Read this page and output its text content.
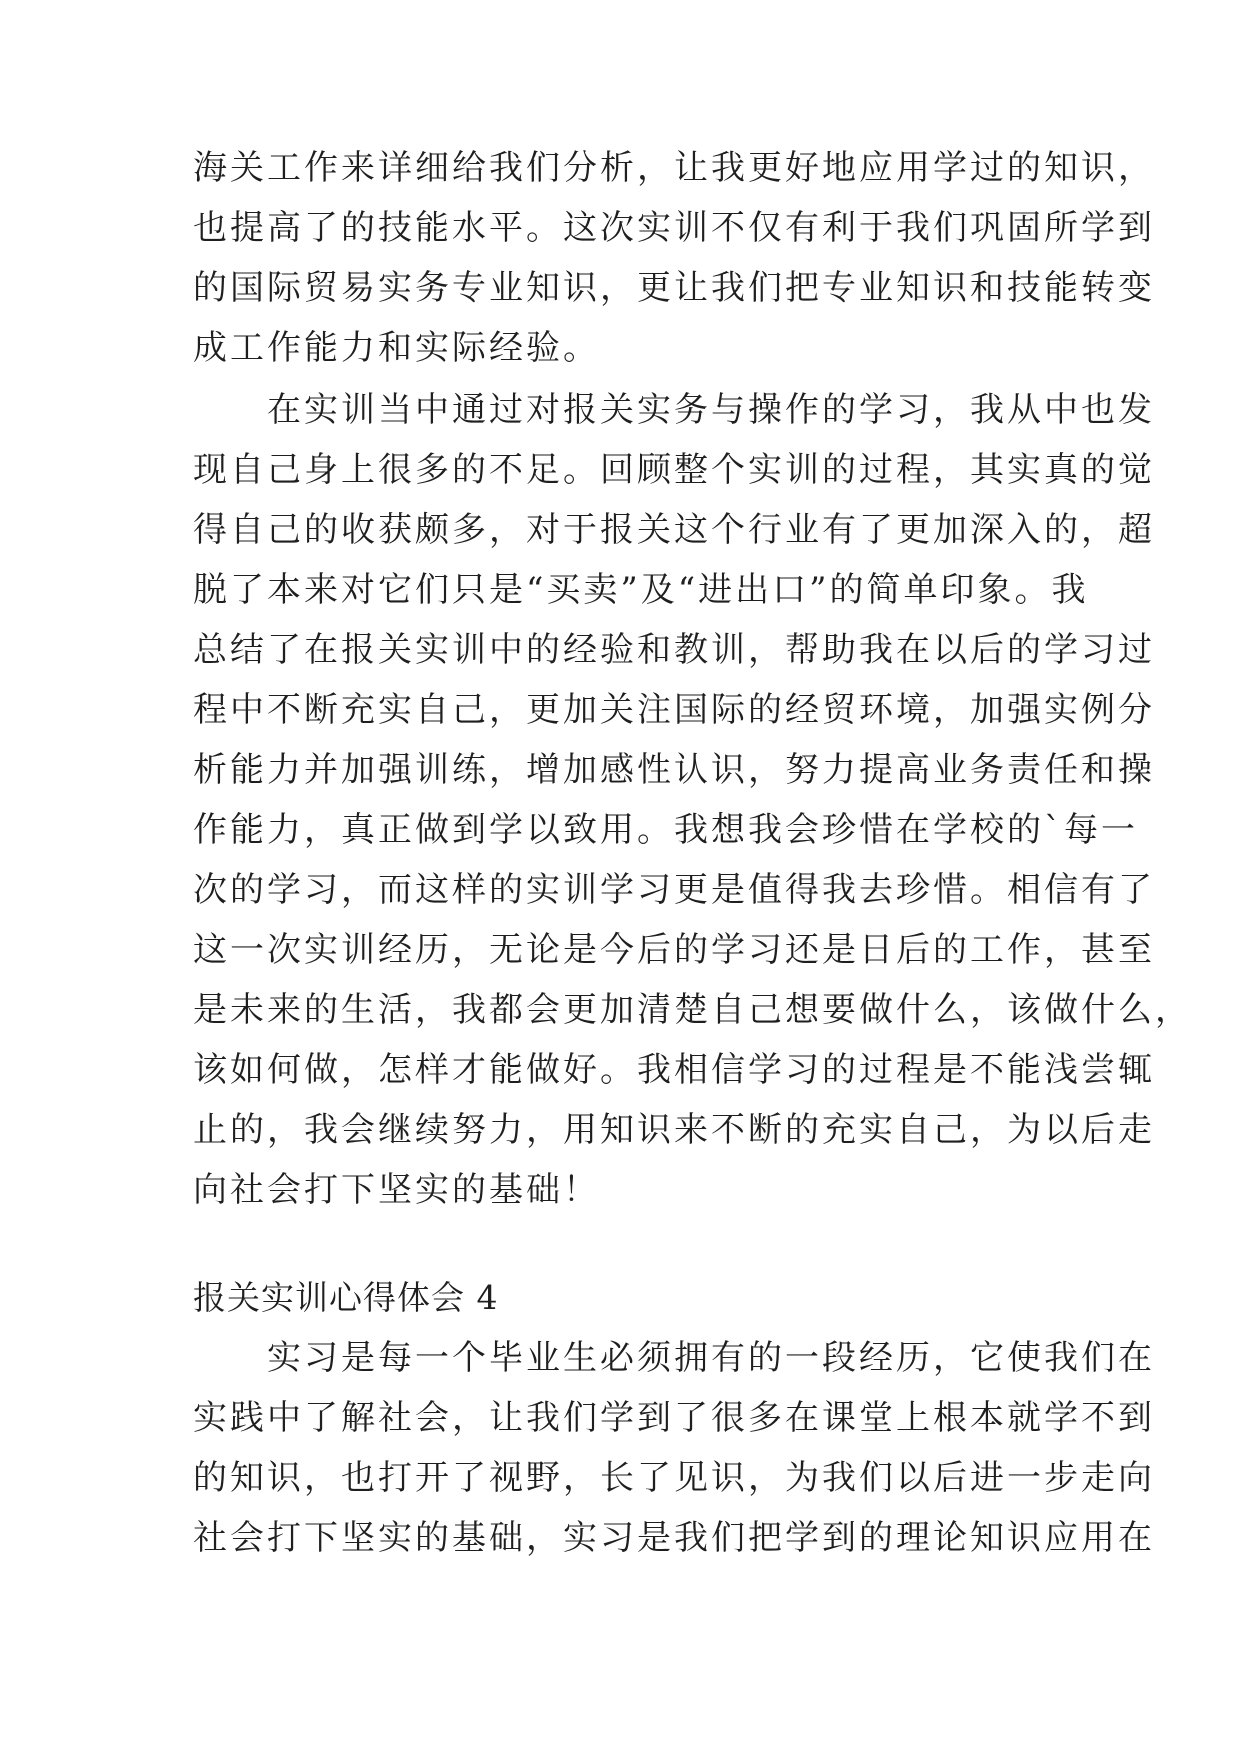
海关工作来详细给我们分析，让我更好地应用学过的知识，
也提高了的技能水平。这次实训不仅有利于我们巩固所学到
的国际贸易实务专业知识，更让我们把专业知识和技能转变
成工作能力和实际经验。
　　在实训当中通过对报关实务与操作的学习，我从中也发
现自己身上很多的不足。回顾整个实训的过程，其实真的觉
得自己的收获颇多，对于报关这个行业有了更加深入的，超
脱了本来对它们只是“买卖”及“进出口”的简单印象。我
总结了在报关实训中的经验和教训，帮助我在以后的学习过
程中不断充实自己，更加关注国际的经贸环境，加强实例分
析能力并加强训练，增加感性认识，努力提高业务责任和操
作能力，真正做到学以致用。我想我会珍惜在学校的`每一
次的学习，而这样的实训学习更是值得我去珍惜。相信有了
这一次实训经历，无论是今后的学习还是日后的工作，甚至
是未来的生活，我都会更加清楚自己想要做什么，该做什么，
该如何做，怎样才能做好。我相信学习的过程是不能浅尝辄
止的，我会继续努力，用知识来不断的充实自己，为以后走
向社会打下坚实的基础！
报关实训心得体会 4
　　实习是每一个毕业生必须拥有的一段经历，它使我们在
实践中了解社会，让我们学到了很多在课堂上根本就学不到
的知识，也打开了视野，长了见识，为我们以后进一步走向
社会打下坚实的基础，实习是我们把学到的理论知识应用在
